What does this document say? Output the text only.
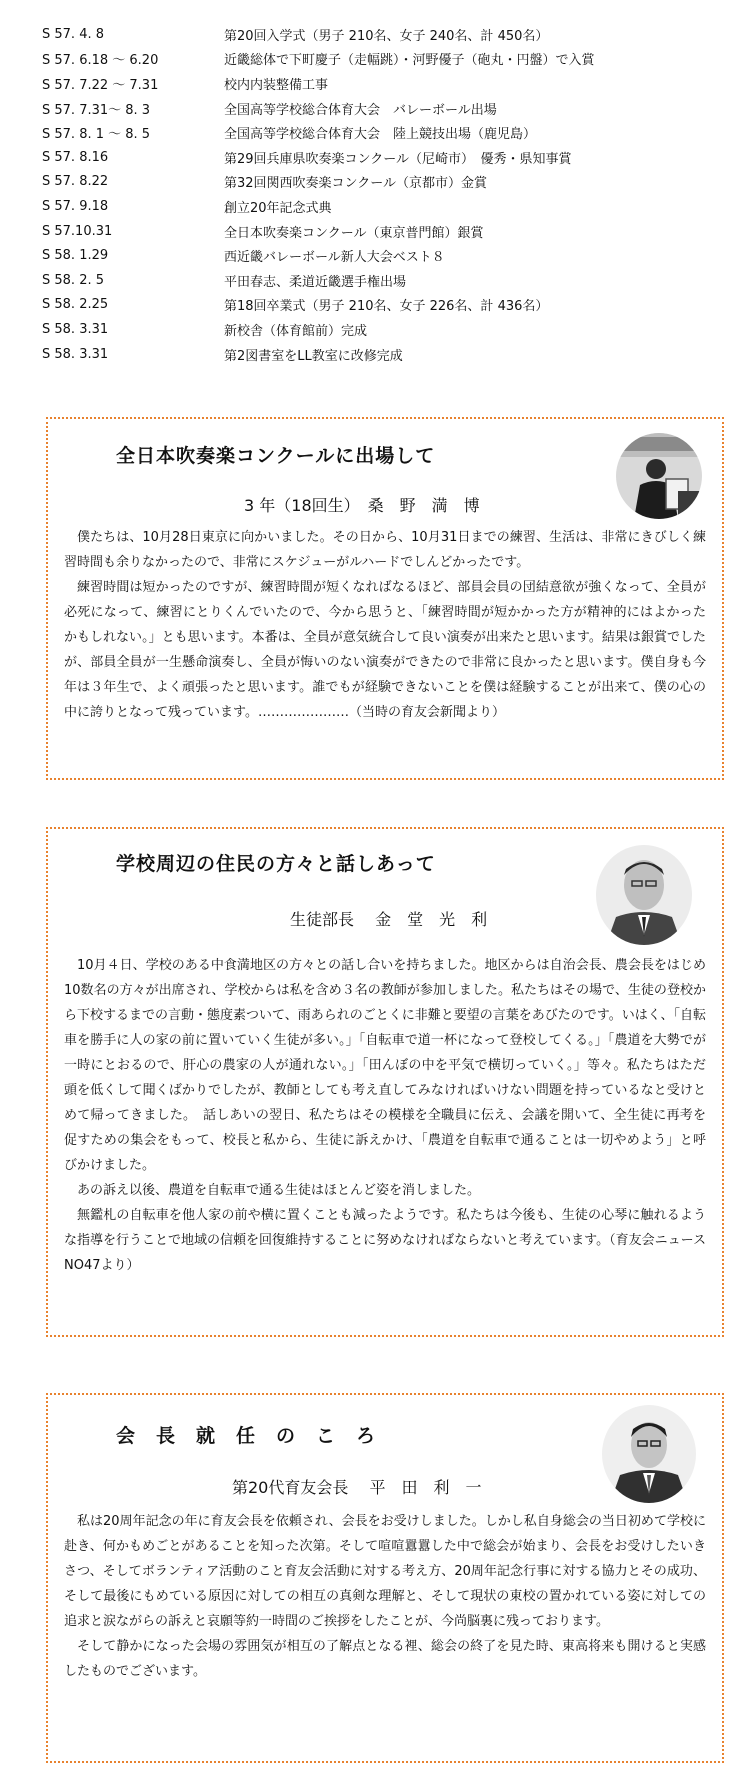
S 57. 4. 8	第20回入学式（男子 210名、女子 240名、計 450名）
S 57. 6.18 ～ 6.20	近畿総体で下町慶子（走幅跳）・河野優子（砲丸・円盤）で入賞
S 57. 7.22 ～ 7.31	校内内装整備工事
S 57. 7.31～ 8. 3	全国高等学校総合体育大会　バレーボール出場
S 57. 8. 1 ～ 8. 5	全国高等学校総合体育大会　陸上競技出場（鹿児島）
S 57. 8.16	第29回兵庫県吹奏楽コンクール（尼崎市）　優秀・県知事賞
S 57. 8.22	第32回関西吹奏楽コンクール（京都市）金賞
S 57. 9.18	創立20年記念式典
S 57.10.31	全日本吹奏楽コンクール（東京普門館）銀賞
S 58. 1.29	西近畿バレーボール新人大会ベスト８
S 58. 2. 5	平田春志、柔道近畿選手権出場
S 58. 2.25	第18回卒業式（男子 210名、女子 226名、計 436名）
S 58. 3.31	新校舎（体育館前）完成
S 58. 3.31	第2図書室をLL教室に改修完成
全日本吹奏楽コンクールに出場して
3 年（18回生）　桑　野　満　博

僕たちは、10月28日東京に向かいました。その日から、10月31日までの練習、生活は、非常にきびしく練習時間も余りなかったので、非常にスケジューがルハードでしんどかったです。

練習時間は短かったのですが、練習時間が短くなればなるほど、部員会員の団結意欲が強くなって、全員が必死になって、練習にとりくんでいたので、今から思うと、「練習時間が短かかった方が精神的にはよかったかもしれない。」とも思います。本番は、全員が意気統合して良い演奏が出来たと思います。結果は銀賞でしたが、部員全員が一生懸命演奏し、全員が悔いのない演奏ができたので非常に良かったと思います。僕自身も今年は３年生で、よく頑張ったと思います。誰でもが経験できないことを僕は経験することが出来て、僕の心の中に誇りとなって残っています。…………………（当時の育友会新聞より）

学校周辺の住民の方々と話しあって
生徒部長　 金　堂　光　利

10月４日、学校のある中食満地区の方々との話し合いを持ちました。地区からは自治会長、農会長をはじめ10数名の方々が出席され、学校からは私を含め３名の教師が参加しました。私たちはその場で、生徒の登校から下校するまでの言動・態度素ついて、雨あられのごとくに非難と要望の言葉をあびたのです。いはく、「自転車を勝手に人の家の前に置いていく生徒が多い。」「自転車で道一杯になって登校してくる。」「農道を大勢でが一時にとおるので、肝心の農家の人が通れない。」「田んぼの中を平気で横切っていく。」等々。私たちはただ頭を低くして聞くばかりでしたが、教師としても考え直してみなければいけない問題を持っているなと受けとめて帰ってきました。　話しあいの翌日、私たちはその模様を全職員に伝え、会議を開いて、全生徒に再考を促すための集会をもって、校長と私から、生徒に訴えかけ、「農道を自転車で通ることは一切やめよう」と呼びかけました。

あの訴え以後、農道を自転車で通る生徒はほとんど姿を消しました。

無鑑札の自転車を他人家の前や横に置くことも減ったようです。私たちは今後も、生徒の心琴に触れるような指導を行うことで地域の信頼を回復維持することに努めなければならないと考えています。（育友会ニュースNO47より）

会　長　就　任　の　こ　ろ
第20代育友会長　 平　田　利　一

私は20周年記念の年に育友会長を依頼され、会長をお受けしました。しかし私自身総会の当日初めて学校に赴き、何かもめごとがあることを知った次第。そして喧喧囂囂した中で総会が始まり、会長をお受けしたいきさつ、そしてボランティア活動のこと育友会活動に対する考え方、20周年記念行事に対する協力とその成功、そして最後にもめている原因に対しての相互の真剣な理解と、そして現状の東校の置かれている姿に対しての追求と涙ながらの訴えと哀願等約一時間のご挨拶をしたことが、今尚脳裏に残っております。

そして静かになった会場の雰囲気が相互の了解点となる裡、総会の終了を見た時、東高将来も開けると実感したものでございます。
